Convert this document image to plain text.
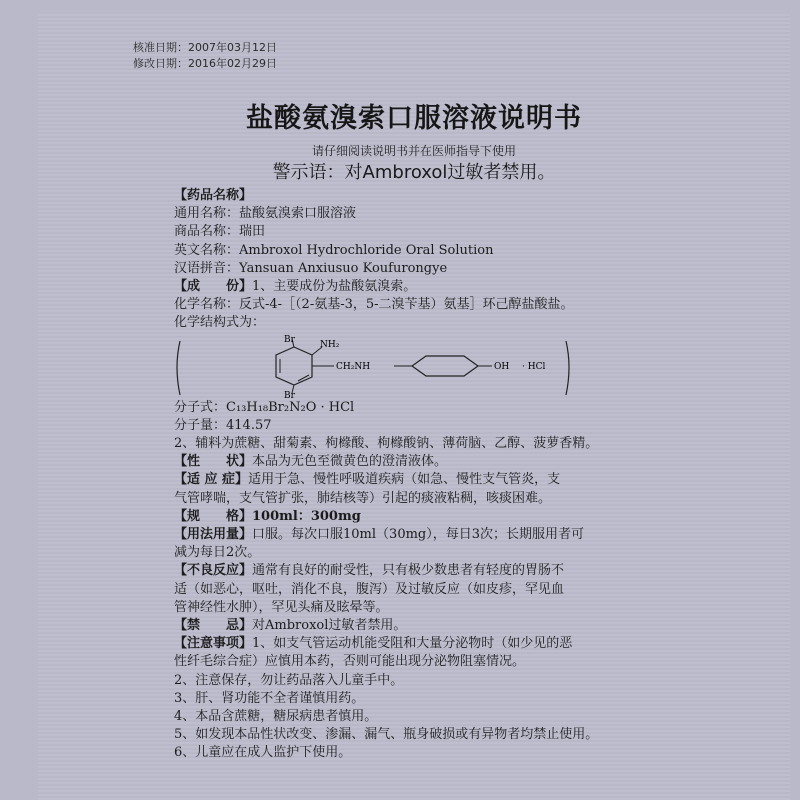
核准日期：2007年03月12日
修改日期：2016年02月29日
盐酸氨溴索口服溶液说明书
请仔细阅读说明书并在医师指导下使用
警示语：对Ambroxol过敏者禁用。
【药品名称】
通用名称：盐酸氨溴索口服溶液
商品名称：瑞田
英文名称：Ambroxol Hydrochloride Oral Solution
汉语拼音：Yansuan Anxiusuo Koufurongye
【成　　份】1、主要成份为盐酸氨溴索。
化学名称：反式-4-［（2-氨基-3，5-二溴苄基）氨基］环己醇盐酸盐。
化学结构式为：
Br	NH₂
CH₂NH
Br
OH · HCl
分子式：C₁₃H₁₈Br₂N₂O · HCl
分子量：414.57
2、辅料为蔗糖、甜菊素、枸橼酸、枸橼酸钠、薄荷脑、乙醇、菠萝香精。
【性　　状】本品为无色至微黄色的澄清液体。
【适 应 症】适用于急、慢性呼吸道疾病（如急、慢性支气管炎，支
气管哮喘，支气管扩张，肺结核等）引起的痰液粘稠，咳痰困难。
【规　　格】100ml：300mg
【用法用量】口服。每次口服10ml（30mg），每日3次；长期服用者可
减为每日2次。
【不良反应】通常有良好的耐受性，只有极少数患者有轻度的胃肠不
适（如恶心，呕吐，消化不良，腹泻）及过敏反应（如皮疹，罕见血
管神经性水肿），罕见头痛及眩晕等。
【禁　　忌】对Ambroxol过敏者禁用。
【注意事项】1、如支气管运动机能受阻和大量分泌物时（如少见的恶
性纤毛综合症）应慎用本药，否则可能出现分泌物阻塞情况。
2、注意保存，勿让药品落入儿童手中。
3、肝、肾功能不全者谨慎用药。
4、本品含蔗糖，糖尿病患者慎用。
5、如发现本品性状改变、渗漏、漏气、瓶身破损或有异物者均禁止使用。
6、儿童应在成人监护下使用。
